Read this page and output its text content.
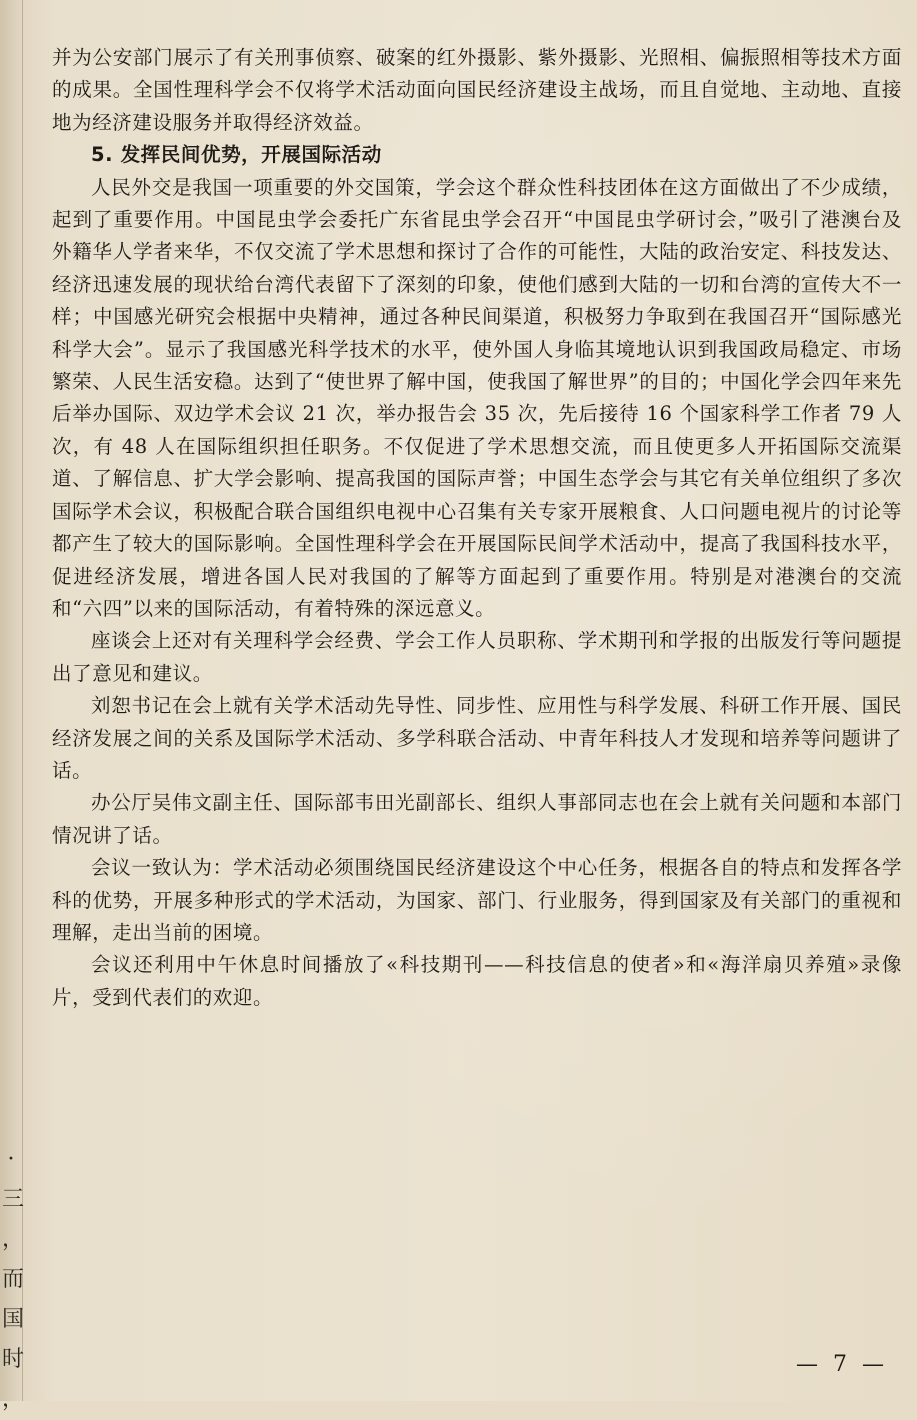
·
三
，
而
国
时
，

并为公安部门展示了有关刑事侦察、破案的红外摄影、紫外摄影、光照相、偏振照相等技术方面的成果。全国性理科学会不仅将学术活动面向国民经济建设主战场，而且自觉地、主动地、直接地为经济建设服务并取得经济效益。

5. 发挥民间优势，开展国际活动

人民外交是我国一项重要的外交国策，学会这个群众性科技团体在这方面做出了不少成绩，起到了重要作用。中国昆虫学会委托广东省昆虫学会召开“中国昆虫学研讨会，”吸引了港澳台及外籍华人学者来华，不仅交流了学术思想和探讨了合作的可能性，大陆的政治安定、科技发达、经济迅速发展的现状给台湾代表留下了深刻的印象，使他们感到大陆的一切和台湾的宣传大不一样；中国感光研究会根据中央精神，通过各种民间渠道，积极努力争取到在我国召开“国际感光科学大会”。显示了我国感光科学技术的水平，使外国人身临其境地认识到我国政局稳定、市场繁荣、人民生活安稳。达到了“使世界了解中国，使我国了解世界”的目的；中国化学会四年来先后举办国际、双边学术会议 21 次，举办报告会 35 次，先后接待 16 个国家科学工作者 79 人次，有 48 人在国际组织担任职务。不仅促进了学术思想交流，而且使更多人开拓国际交流渠道、了解信息、扩大学会影响、提高我国的国际声誉；中国生态学会与其它有关单位组织了多次国际学术会议，积极配合联合国组织电视中心召集有关专家开展粮食、人口问题电视片的讨论等都产生了较大的国际影响。全国性理科学会在开展国际民间学术活动中，提高了我国科技水平，促进经济发展，增进各国人民对我国的了解等方面起到了重要作用。特别是对港澳台的交流和“六四”以来的国际活动，有着特殊的深远意义。

座谈会上还对有关理科学会经费、学会工作人员职称、学术期刊和学报的出版发行等问题提出了意见和建议。

刘恕书记在会上就有关学术活动先导性、同步性、应用性与科学发展、科研工作开展、国民经济发展之间的关系及国际学术活动、多学科联合活动、中青年科技人才发现和培养等问题讲了话。

办公厅吴伟文副主任、国际部韦田光副部长、组织人事部同志也在会上就有关问题和本部门情况讲了话。

会议一致认为：学术活动必须围绕国民经济建设这个中心任务，根据各自的特点和发挥各学科的优势，开展多种形式的学术活动，为国家、部门、行业服务，得到国家及有关部门的重视和理解，走出当前的困境。

会议还利用中午休息时间播放了«科技期刊——科技信息的使者»和«海洋扇贝养殖»录像片，受到代表们的欢迎。

— 7 —
